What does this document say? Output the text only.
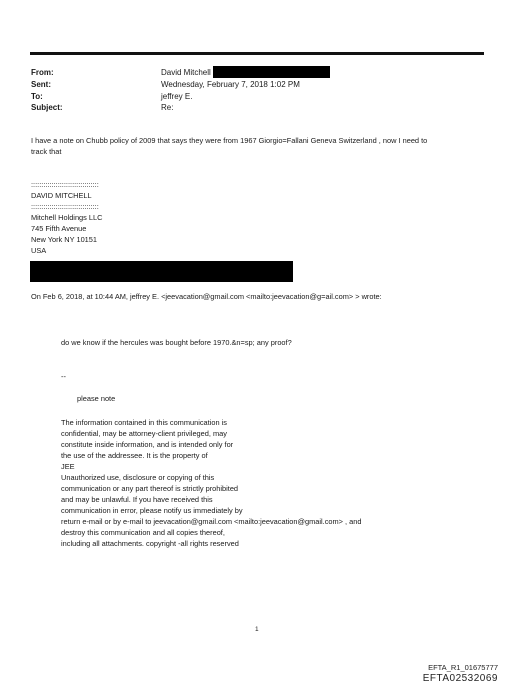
From:	David Mitchell
Sent:	Wednesday, February 7, 2018 1:02 PM
To:	jeffrey E.
Subject:	Re:
I have a note on Chubb policy of 2009 that says they were from 1967 Giorgio=Fallani Geneva Switzerland , now I need to
track that
:::::::::::::::::::::::::::::::::
DAVID MITCHELL
:::::::::::::::::::::::::::::::::
Mitchell Holdings LLC
745 Fifth Avenue
New York NY 10151
USA
On Feb 6, 2018, at 10:44 AM, jeffrey E. <jeevacation@gmail.com <mailto:jeevacation@g=ail.com> > wrote:
do we know if the hercules was bought before 1970.&n=sp; any proof?
--
please note
The information contained in this communication is
confidential, may be attorney-client privileged, may
constitute inside information, and is intended only for
the use of the addressee. It is the property of
JEE
Unauthorized use, disclosure or copying of this
communication or any part thereof is strictly prohibited
and may be unlawful. If you have received this
communication in error, please notify us immediately by
return e-mail or by e-mail to jeevacation@gmail.com <mailto:jeevacation@gmail.com> , and
destroy this communication and all copies thereof,
including all attachments. copyright -all rights reserved
1
EFTA_R1_01675777
EFTA02532069
